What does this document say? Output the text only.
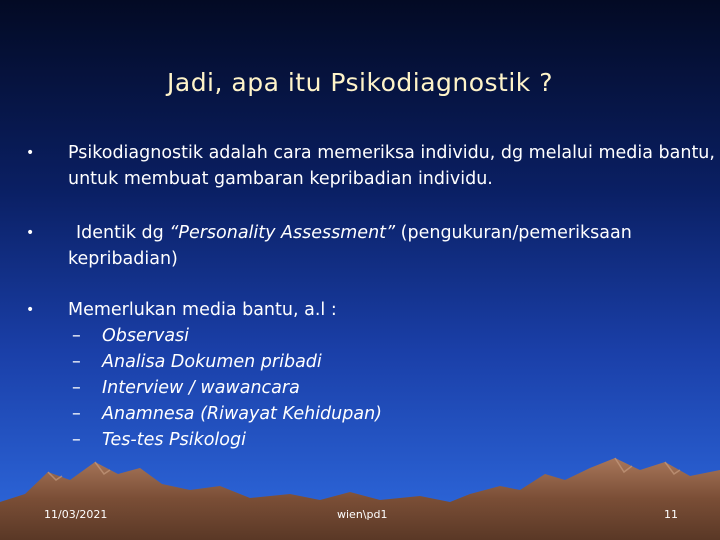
Jadi, apa itu Psikodiagnostik ?
• Psikodiagnostik adalah cara memeriksa individu, dg melalui media bantu, untuk membuat gambaran kepribadian individu.
• Identik dg “Personality Assessment” (pengukuran/pemeriksaan kepribadian)
• Memerlukan media bantu, a.l :
– Observasi
– Analisa Dokumen pribadi
– Interview / wawancara
– Anamnesa (Riwayat Kehidupan)
– Tes-tes Psikologi
11/03/2021	wien\pd1	11
